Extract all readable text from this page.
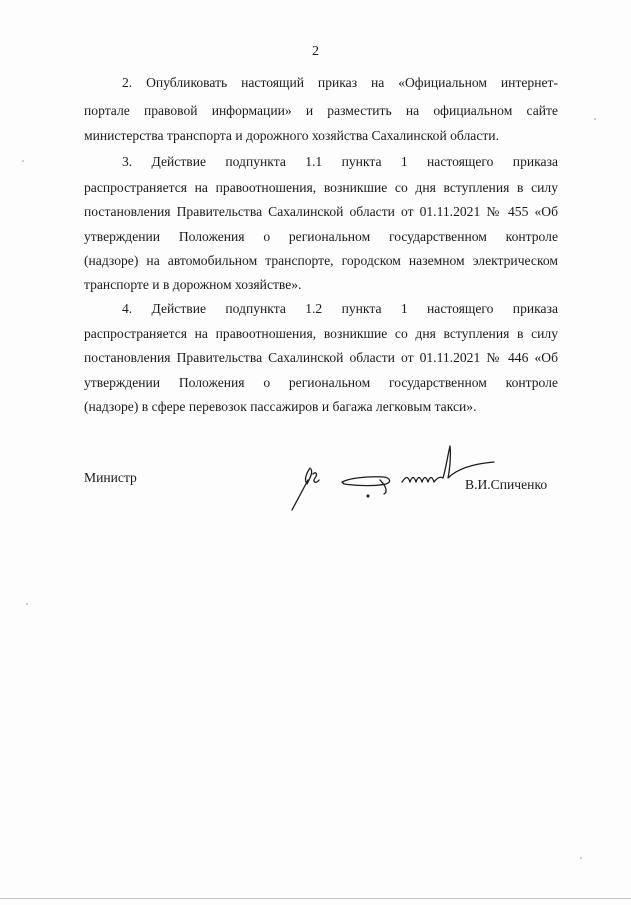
2
2. Опубликовать настоящий приказ на «Официальном интернет-
портале правовой информации» и разместить на официальном сайте
министерства транспорта и дорожного хозяйства Сахалинской области.
3. Действие подпункта 1.1 пункта 1 настоящего приказа
распространяется на правоотношения, возникшие со дня вступления в силу
постановления Правительства Сахалинской области от 01.11.2021 № 455 «Об
утверждении Положения о региональном государственном контроле
(надзоре) на автомобильном транспорте, городском наземном электрическом
транспорте и в дорожном хозяйстве».
4. Действие подпункта 1.2 пункта 1 настоящего приказа
распространяется на правоотношения, возникшие со дня вступления в силу
постановления Правительства Сахалинской области от 01.11.2021 № 446 «Об
утверждении Положения о региональном государственном контроле
(надзоре) в сфере перевозок пассажиров и багажа легковым такси».
Министр	В.И.Спиченко
